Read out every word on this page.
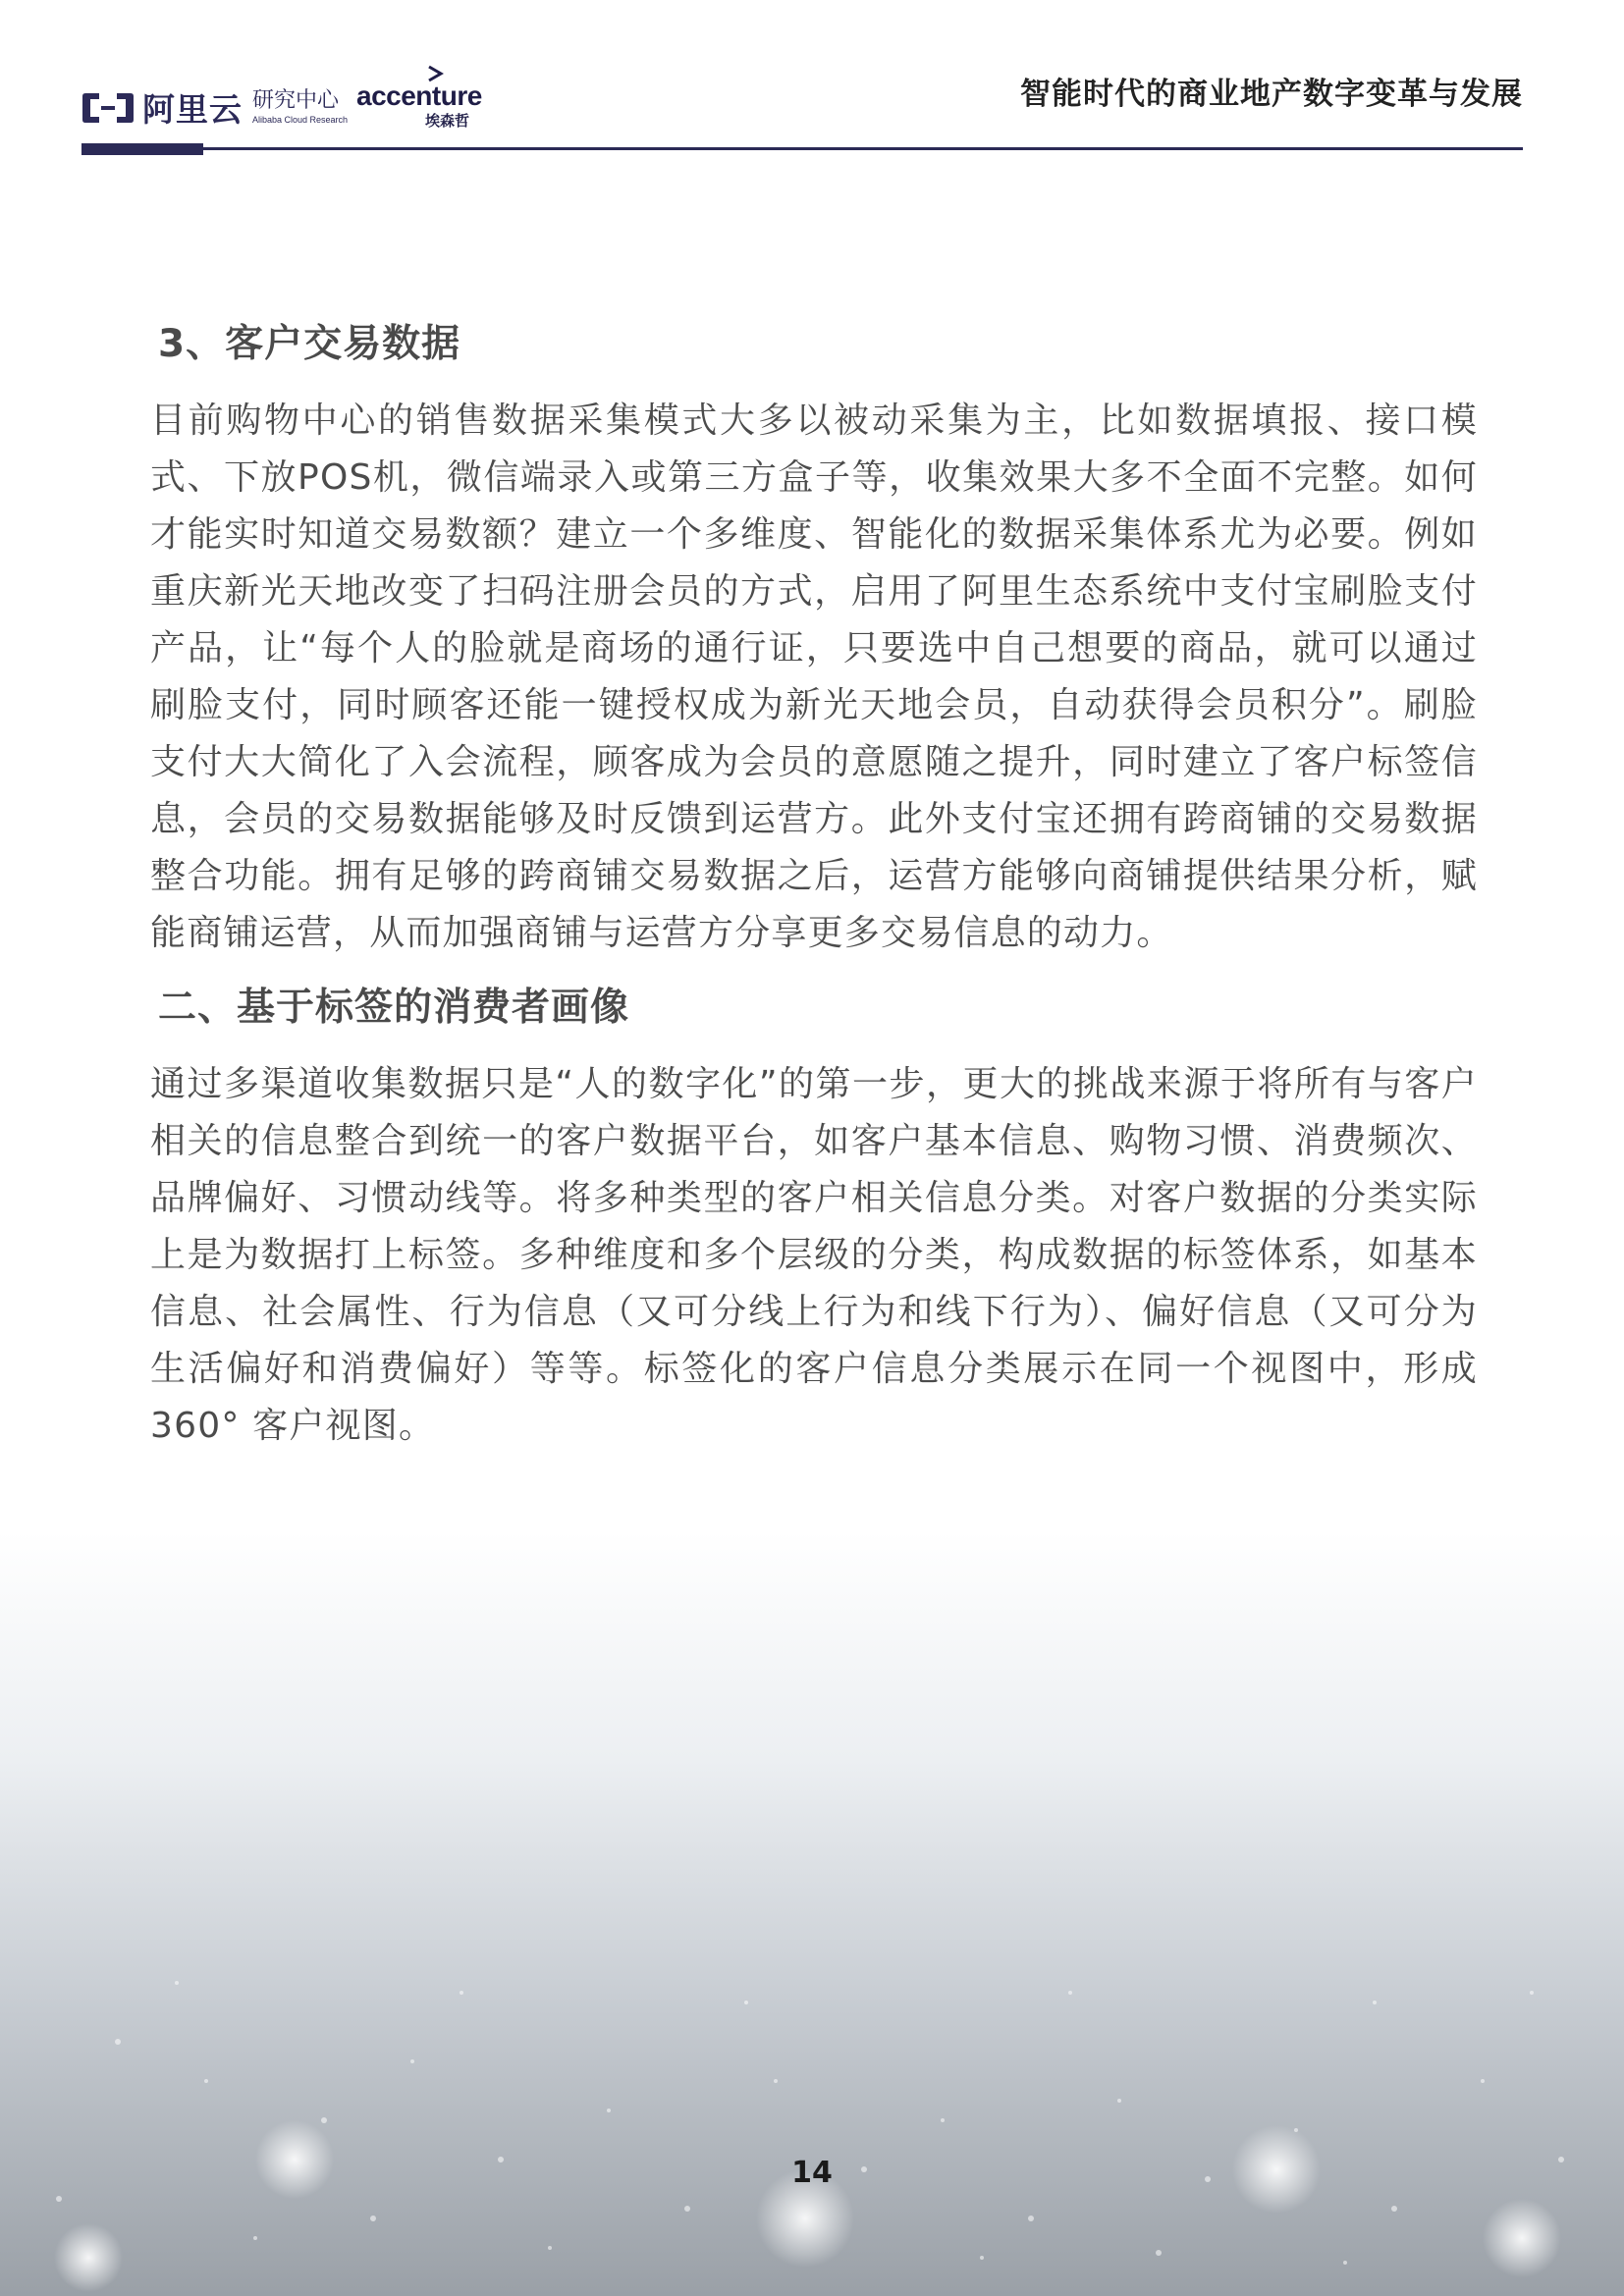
阿里云 研究中心
Alibaba Cloud Research
accenture
埃森哲
智能时代的商业地产数字变革与发展
3、客户交易数据

目前购物中心的销售数据采集模式大多以被动采集为主，比如数据填报、接口模式、下放POS机，微信端录入或第三方盒子等，收集效果大多不全面不完整。如何才能实时知道交易数额？建立一个多维度、智能化的数据采集体系尤为必要。例如重庆新光天地改变了扫码注册会员的方式，启用了阿里生态系统中支付宝刷脸支付产品，让“每个人的脸就是商场的通行证，只要选中自己想要的商品，就可以通过刷脸支付，同时顾客还能一键授权成为新光天地会员，自动获得会员积分”。刷脸支付大大简化了入会流程，顾客成为会员的意愿随之提升，同时建立了客户标签信息，会员的交易数据能够及时反馈到运营方。此外支付宝还拥有跨商铺的交易数据整合功能。拥有足够的跨商铺交易数据之后，运营方能够向商铺提供结果分析，赋能商铺运营，从而加强商铺与运营方分享更多交易信息的动力。

二、基于标签的消费者画像

通过多渠道收集数据只是“人的数字化”的第一步，更大的挑战来源于将所有与客户相关的信息整合到统一的客户数据平台，如客户基本信息、购物习惯、消费频次、品牌偏好、习惯动线等。将多种类型的客户相关信息分类。对客户数据的分类实际上是为数据打上标签。多种维度和多个层级的分类，构成数据的标签体系，如基本信息、社会属性、行为信息（又可分线上行为和线下行为）、偏好信息（又可分为生活偏好和消费偏好）等等。标签化的客户信息分类展示在同一个视图中，形成360° 客户视图。

14
